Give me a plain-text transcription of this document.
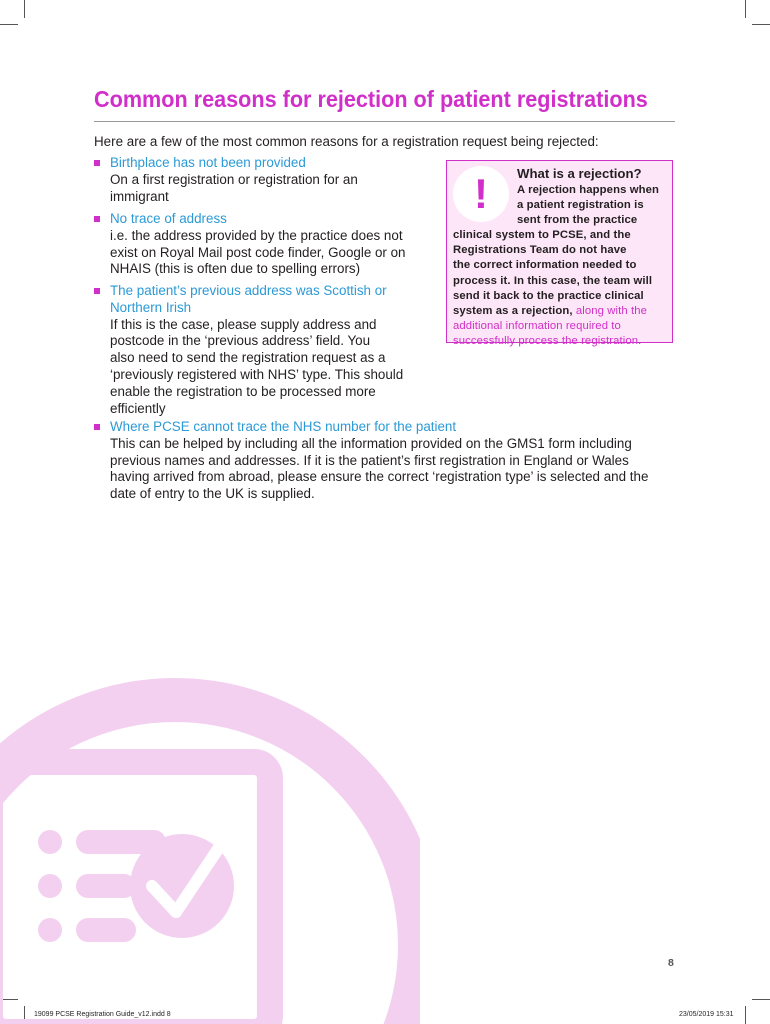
Common reasons for rejection of patient registrations
Here are a few of the most common reasons for a registration request being rejected:
Birthplace has not been provided
On a first registration or registration for an
immigrant
No trace of address
i.e. the address provided by the practice does not
exist on Royal Mail post code finder, Google or on
NHAIS (this is often due to spelling errors)
The patient’s previous address was Scottish or
Northern Irish
If this is the case, please supply address and
postcode in the ‘previous address’ field. You
also need to send the registration request as a
‘previously registered with NHS’ type. This should
enable the registration to be processed more
efficiently
Where PCSE cannot trace the NHS number for the patient
This can be helped by including all the information provided on the GMS1 form including
previous names and addresses. If it is the patient’s first registration in England or Wales
having arrived from abroad, please ensure the correct ‘registration type’ is selected and the
date of entry to the UK is supplied.
!	What is a rejection?
A rejection happens when
a patient registration is
sent from the practice
clinical system to PCSE, and the
Registrations Team do not have
the correct information needed to
process it. In this case, the team will
send it back to the practice clinical
system as a rejection, along with the
additional information required to
successfully process the registration.
8
19099 PCSE Registration Guide_v12.indd 8	23/05/2019 15:31
